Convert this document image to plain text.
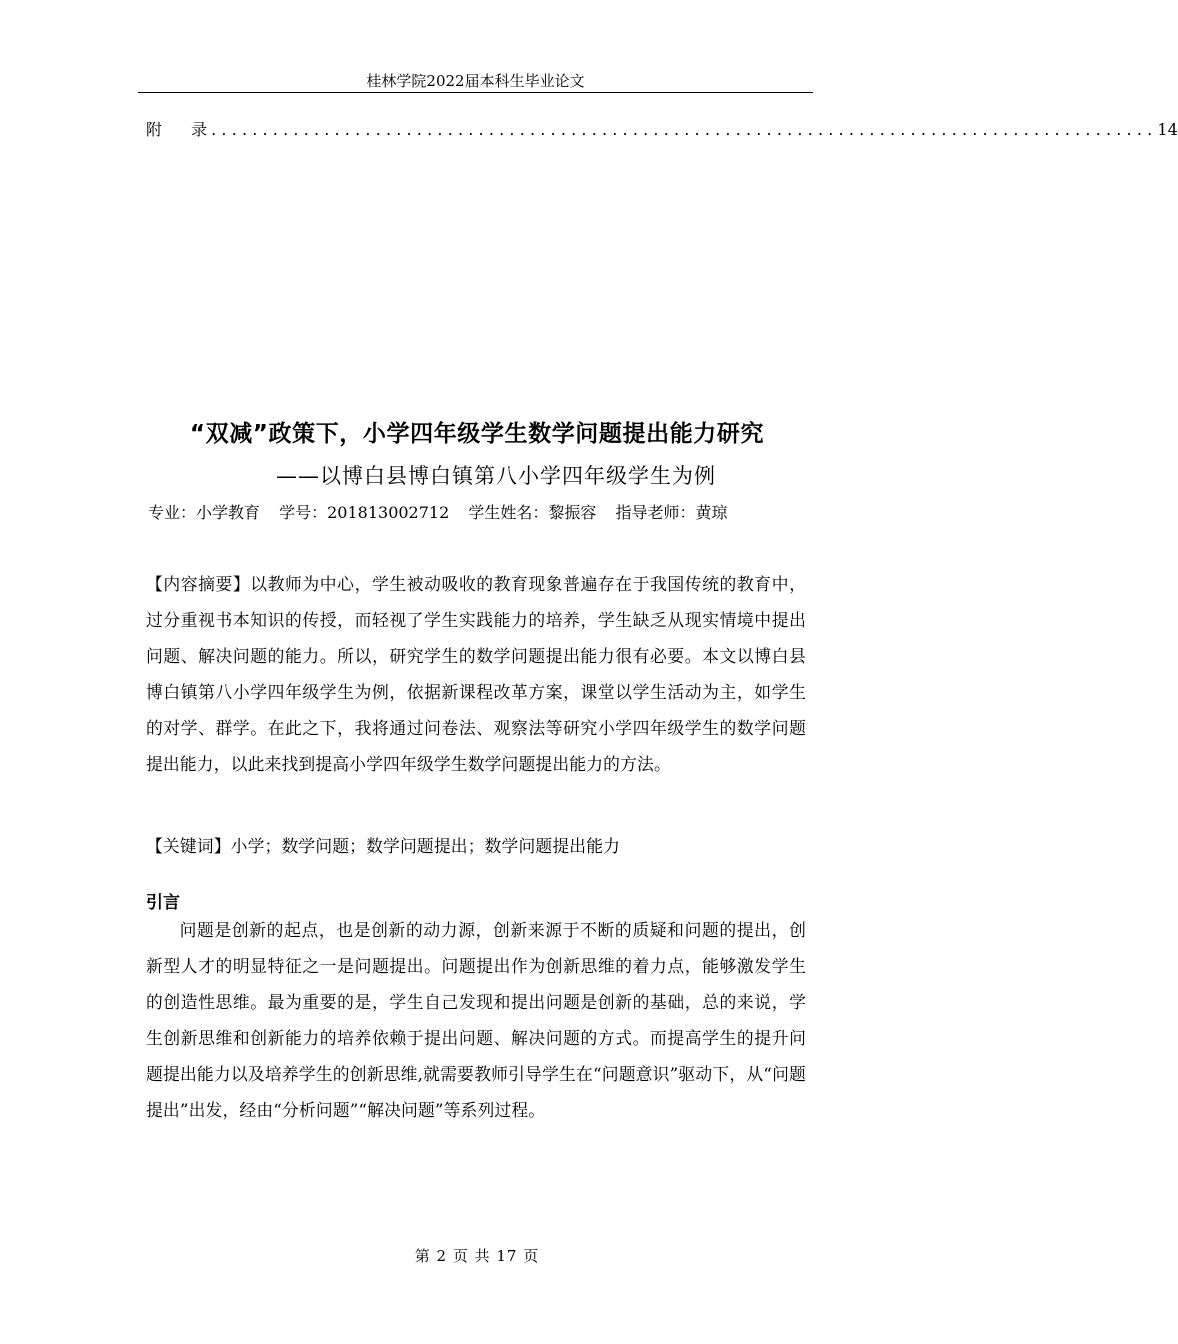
桂林学院2022届本科生毕业论文
附 录
............................................................................................ 14
“双减”政策下，小学四年级学生数学问题提出能力研究
——以博白县博白镇第八小学四年级学生为例
专业：小学教育 学号：201813002712 学生姓名：黎振容 指导老师：黄琼
【内容摘要】以教师为中心，学生被动吸收的教育现象普遍存在于我国传统的教育中，过分重视书本知识的传授，而轻视了学生实践能力的培养，学生缺乏从现实情境中提出问题、解决问题的能力。所以，研究学生的数学问题提出能力很有必要。本文以博白县博白镇第八小学四年级学生为例，依据新课程改革方案，课堂以学生活动为主，如学生的对学、群学。在此之下，我将通过问卷法、观察法等研究小学四年级学生的数学问题提出能力，以此来找到提高小学四年级学生数学问题提出能力的方法。
【关键词】小学；数学问题；数学问题提出；数学问题提出能力
引言
问题是创新的起点，也是创新的动力源，创新来源于不断的质疑和问题的提出，创新型人才的明显特征之一是问题提出。问题提出作为创新思维的着力点，能够激发学生的创造性思维。最为重要的是，学生自己发现和提出问题是创新的基础，总的来说，学生创新思维和创新能力的培养依赖于提出问题、解决问题的方式。而提高学生的提升问题提出能力以及培养学生的创新思维,就需要教师引导学生在“问题意识”驱动下，从“问题提出”出发，经由“分析问题”“解决问题”等系列过程。
第 2 页 共 17 页
